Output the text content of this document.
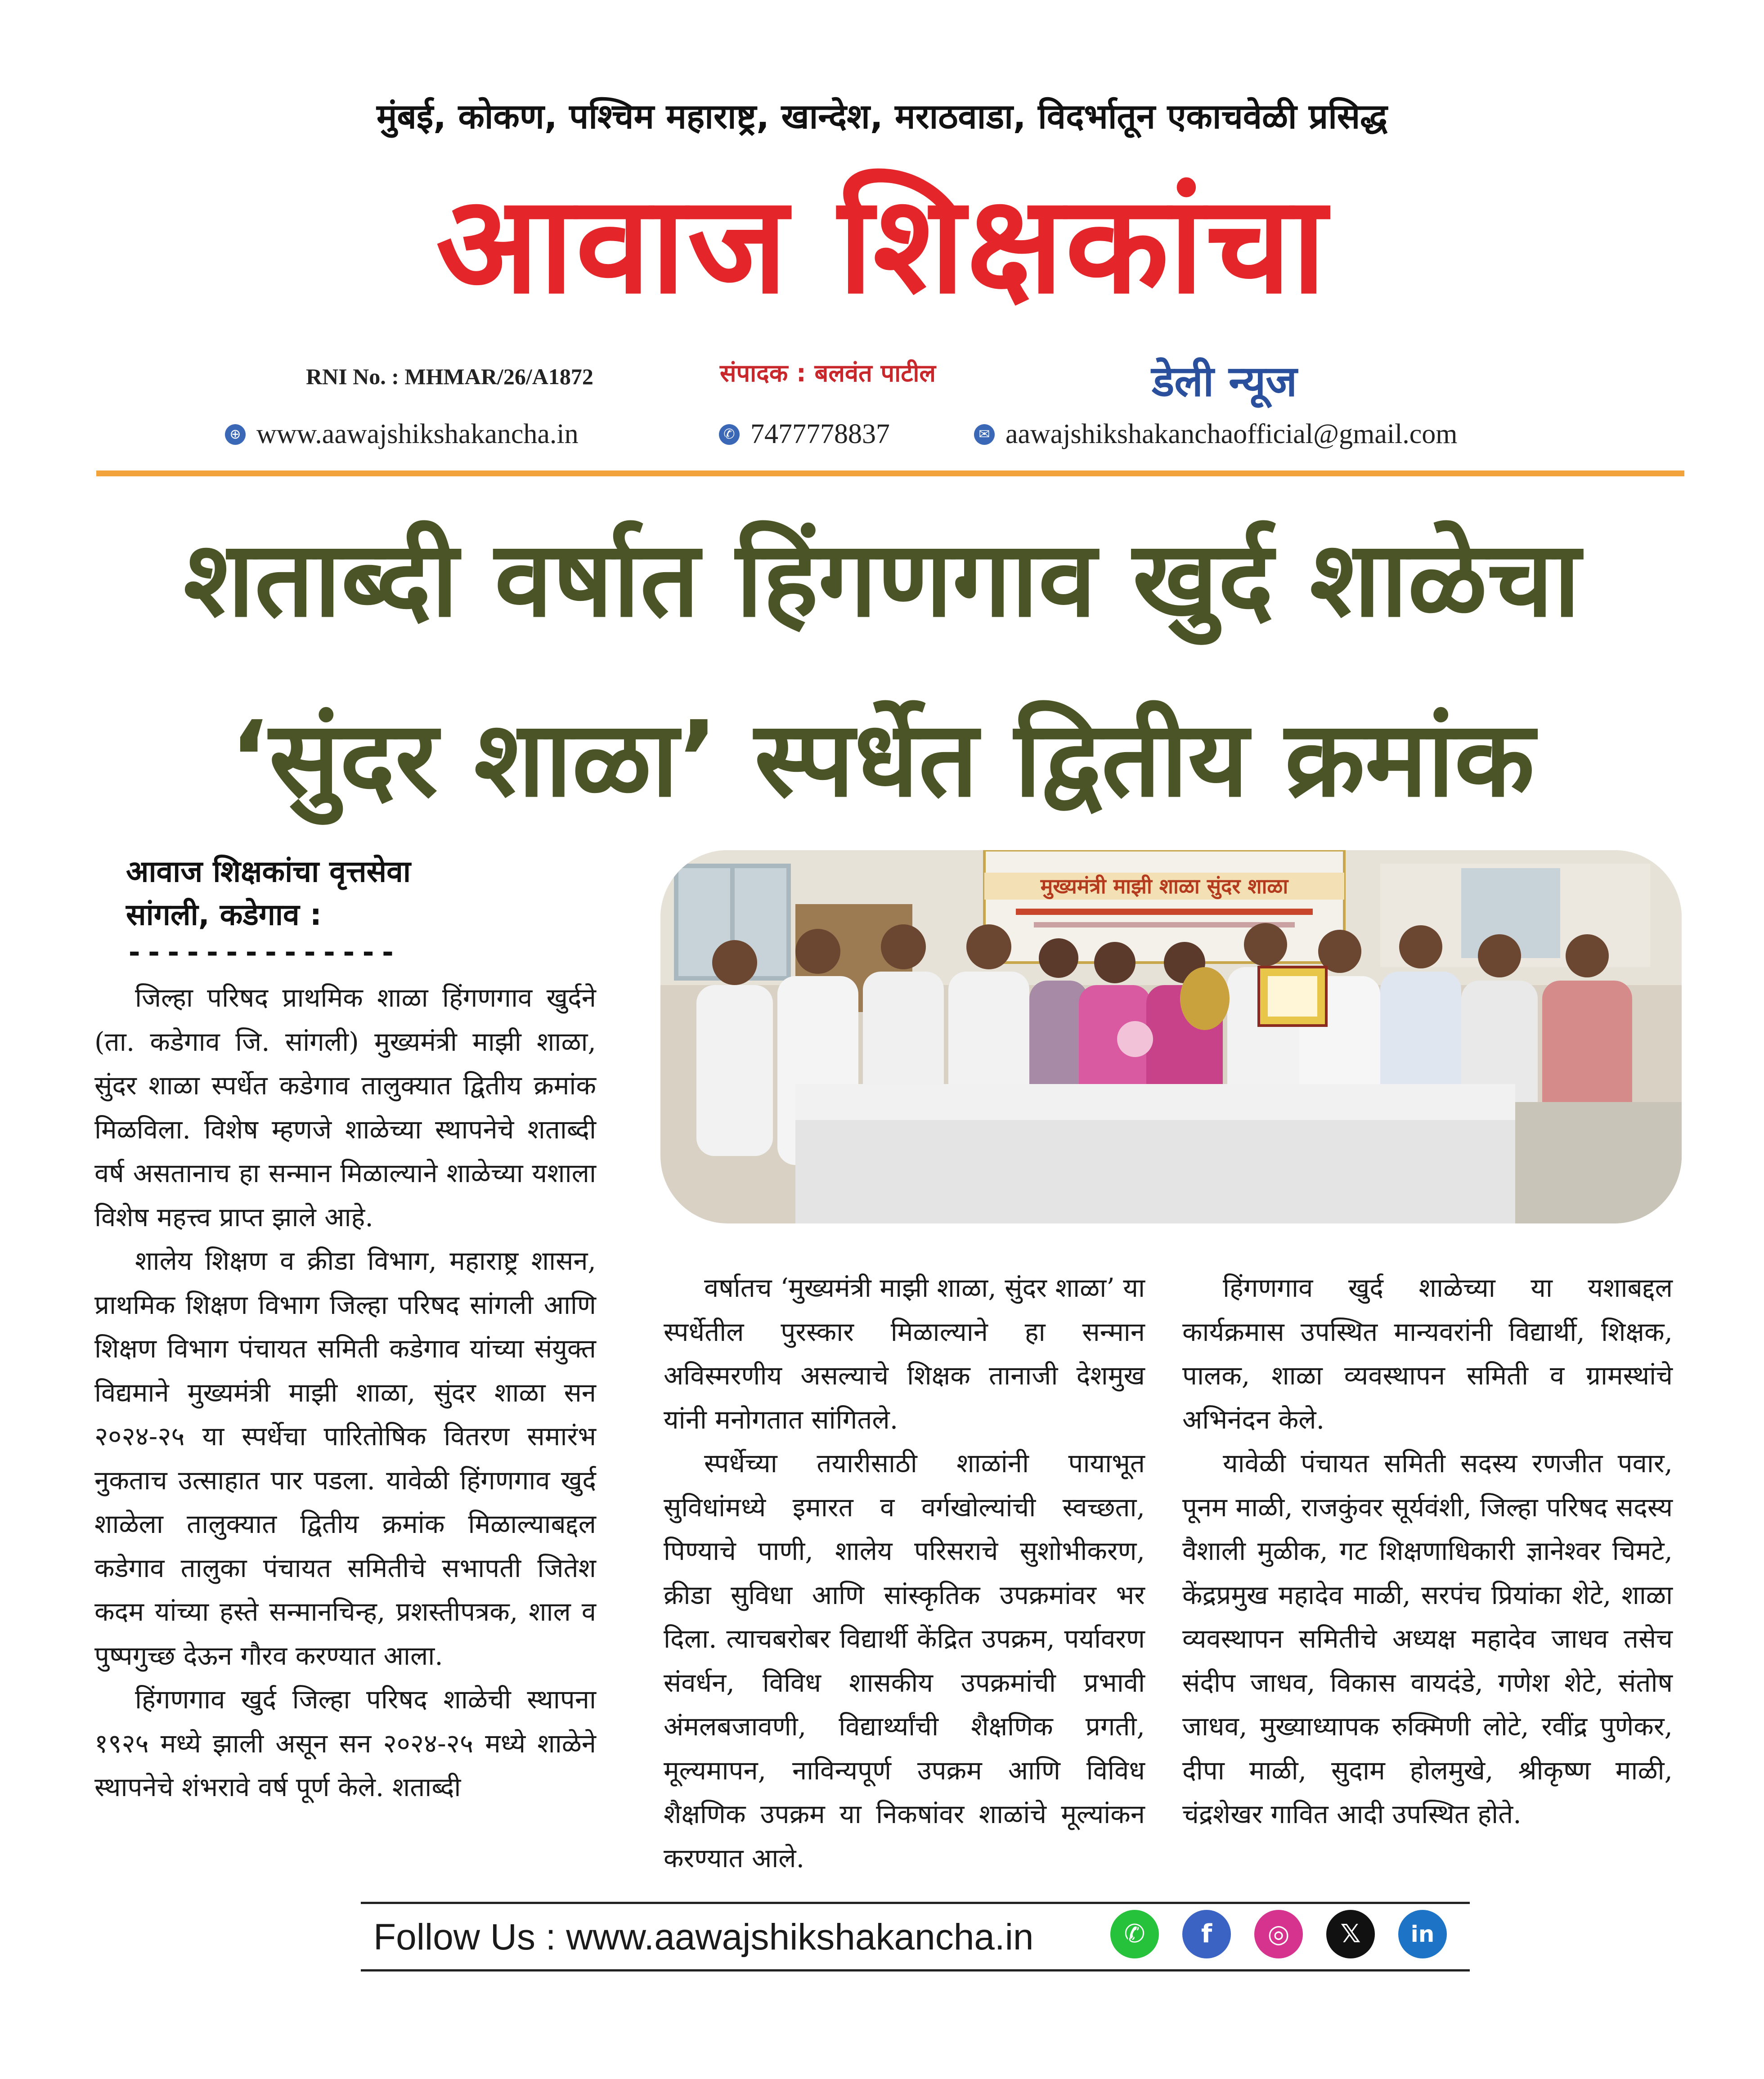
मुंबई, कोकण, पश्चिम महाराष्ट्र, खान्देश, मराठवाडा, विदर्भातून एकाचवेळी प्रसिद्ध
आवाज शिक्षकांचा
RNI No. : MHMAR/26/A1872	संपादक : बलवंत पाटील	डेली न्यूज
⊕ www.aawajshikshakancha.in	✆ 7477778837	✉ aawajshikshakanchaofficial@gmail.com
शताब्दी वर्षात हिंगणगाव खुर्द शाळेचा
‘सुंदर शाळा’ स्पर्धेत द्वितीय क्रमांक
आवाज शिक्षकांचा वृत्तसेवा
सांगली, कडेगाव :
--------------
मुख्यमंत्री माझी शाळा सुंदर शाळा

जिल्हा परिषद प्राथमिक शाळा हिंगणगाव खुर्दने (ता. कडेगाव जि. सांगली) मुख्यमंत्री माझी शाळा, सुंदर शाळा स्पर्धेत कडेगाव तालुक्यात द्वितीय क्रमांक मिळविला. विशेष म्हणजे शाळेच्या स्थापनेचे शताब्दी वर्ष असतानाच हा सन्मान मिळाल्याने शाळेच्या यशाला विशेष महत्त्व प्राप्त झाले आहे.

शालेय शिक्षण व क्रीडा विभाग, महाराष्ट्र शासन, प्राथमिक शिक्षण विभाग जिल्हा परिषद सांगली आणि शिक्षण विभाग पंचायत समिती कडेगाव यांच्या संयुक्त विद्यमाने मुख्यमंत्री माझी शाळा, सुंदर शाळा सन २०२४-२५ या स्पर्धेचा पारितोषिक वितरण समारंभ नुकताच उत्साहात पार पडला. यावेळी हिंगणगाव खुर्द शाळेला तालुक्यात द्वितीय क्रमांक मिळाल्याबद्दल कडेगाव तालुका पंचायत समितीचे सभापती जितेश कदम यांच्या हस्ते सन्मानचिन्ह, प्रशस्तीपत्रक, शाल व पुष्पगुच्छ देऊन गौरव करण्यात आला.

हिंगणगाव खुर्द जिल्हा परिषद शाळेची स्थापना १९२५ मध्ये झाली असून सन २०२४-२५ मध्ये शाळेने स्थापनेचे शंभरावे वर्ष पूर्ण केले. शताब्दी

वर्षातच ‘मुख्यमंत्री माझी शाळा, सुंदर शाळा’ या स्पर्धेतील पुरस्कार मिळाल्याने हा सन्मान अविस्मरणीय असल्याचे शिक्षक तानाजी देशमुख यांनी मनोगतात सांगितले.

स्पर्धेच्या तयारीसाठी शाळांनी पायाभूत सुविधांमध्ये इमारत व वर्गखोल्यांची स्वच्छता, पिण्याचे पाणी, शालेय परिसराचे सुशोभीकरण, क्रीडा सुविधा आणि सांस्कृतिक उपक्रमांवर भर दिला. त्याचबरोबर विद्यार्थी केंद्रित उपक्रम, पर्यावरण संवर्धन, विविध शासकीय उपक्रमांची प्रभावी अंमलबजावणी, विद्यार्थ्यांची शैक्षणिक प्रगती, मूल्यमापन, नाविन्यपूर्ण उपक्रम आणि विविध शैक्षणिक उपक्रम या निकषांवर शाळांचे मूल्यांकन करण्यात आले.

हिंगणगाव खुर्द शाळेच्या या यशाबद्दल कार्यक्रमास उपस्थित मान्यवरांनी विद्यार्थी, शिक्षक, पालक, शाळा व्यवस्थापन समिती व ग्रामस्थांचे अभिनंदन केले.

यावेळी पंचायत समिती सदस्य रणजीत पवार, पूनम माळी, राजकुंवर सूर्यवंशी, जिल्हा परिषद सदस्य वैशाली मुळीक, गट शिक्षणाधिकारी ज्ञानेश्वर चिमटे, केंद्रप्रमुख महादेव माळी, सरपंच प्रियांका शेटे, शाळा व्यवस्थापन समितीचे अध्यक्ष महादेव जाधव तसेच संदीप जाधव, विकास वायदंडे, गणेश शेटे, संतोष जाधव, मुख्याध्यापक रुक्मिणी लोटे, रवींद्र पुणेकर, दीपा माळी, सुदाम होलमुखे, श्रीकृष्ण माळी, चंद्रशेखर गावित आदी उपस्थित होते.

Follow Us : www.aawajshikshakancha.in	✆	f	◎	𝕏	in
